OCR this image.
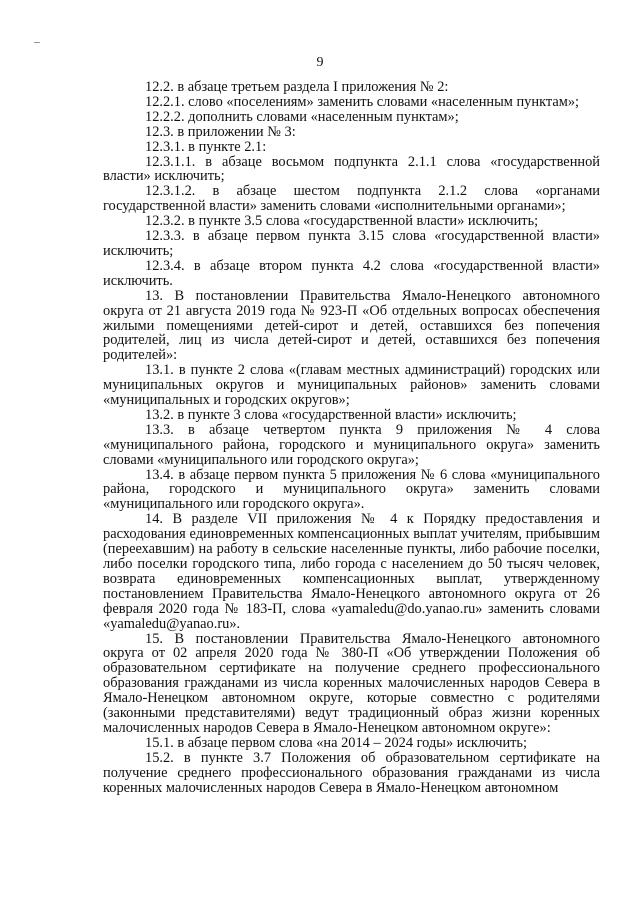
9

12.2. в абзаце третьем раздела I приложения № 2:

12.2.1. слово «поселениям» заменить словами «населенным пунктам»;

12.2.2. дополнить словами «населенным пунктам»;

12.3. в приложении № 3:

12.3.1. в пункте 2.1:

12.3.1.1. в абзаце восьмом подпункта 2.1.1 слова «государственной власти» исключить;

12.3.1.2. в абзаце шестом подпункта 2.1.2 слова «органами государственной власти» заменить словами «исполнительными органами»;

12.3.2. в пункте 3.5 слова «государственной власти» исключить;

12.3.3. в абзаце первом пункта 3.15 слова «государственной власти» исключить;

12.3.4. в абзаце втором пункта 4.2 слова «государственной власти» исключить.

13. В постановлении Правительства Ямало-Ненецкого автономного округа от 21 августа 2019 года № 923-П «Об отдельных вопросах обеспечения жилыми помещениями детей-сирот и детей, оставшихся без попечения родителей, лиц из числа детей-сирот и детей, оставшихся без попечения родителей»:

13.1. в пункте 2 слова «(главам местных администраций) городских или муниципальных округов и муниципальных районов» заменить словами «муниципальных и городских округов»;

13.2. в пункте 3 слова «государственной власти» исключить;

13.3. в абзаце четвертом пункта 9 приложения № 4 слова «муниципального района, городского и муниципального округа» заменить словами «муниципального или городского округа»;

13.4. в абзаце первом пункта 5 приложения № 6 слова «муниципального района, городского и муниципального округа» заменить словами «муниципального или городского округа».

14. В разделе VII приложения № 4 к Порядку предоставления и расходования единовременных компенсационных выплат учителям, прибывшим (переехавшим) на работу в сельские населенные пункты, либо рабочие поселки, либо поселки городского типа, либо города с населением до 50 тысяч человек, возврата единовременных компенсационных выплат, утвержденному постановлением Правительства Ямало-Ненецкого автономного округа от 26 февраля 2020 года № 183-П, слова «yamaledu@do.yanao.ru» заменить словами «yamaledu@yanao.ru».

15. В постановлении Правительства Ямало-Ненецкого автономного округа от 02 апреля 2020 года № 380-П «Об утверждении Положения об образовательном сертификате на получение среднего профессионального образования гражданами из числа коренных малочисленных народов Севера в Ямало-Ненецком автономном округе, которые совместно с родителями (законными представителями) ведут традиционный образ жизни коренных малочисленных народов Севера в Ямало-Ненецком автономном округе»:

15.1. в абзаце первом слова «на 2014 – 2024 годы» исключить;

15.2. в пункте 3.7 Положения об образовательном сертификате на получение среднего профессионального образования гражданами из числа коренных малочисленных народов Севера в Ямало-Ненецком автономном
